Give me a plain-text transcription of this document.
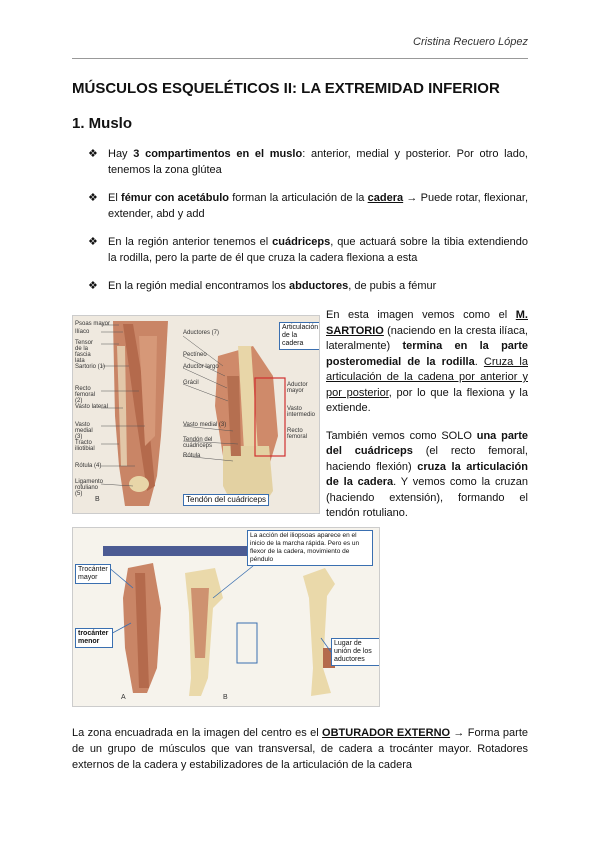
Cristina Recuero López
MÚSCULOS ESQUELÉTICOS II: LA EXTREMIDAD INFERIOR
1. Muslo
❖ Hay 3 compartimentos en el muslo: anterior, medial y posterior. Por otro lado, tenemos la zona glútea
❖ El fémur con acetábulo forman la articulación de la cadera → Puede rotar, flexionar, extender, abd y add
❖ En la región anterior tenemos el cuádriceps, que actuará sobre la tibia extendiendo la rodilla, pero la parte de él que cruza la cadera flexiona a esta
❖ En la región medial encontramos los abductores, de pubis a fémur
Psoas mayor
Ilíaco
Tensor de la fascia lata
Sartorio (1)
Recto femoral (2)
Vasto lateral
Vasto medial (3)
Tracto iliotibial
Rótula (4)
Ligamento rotuliano (5)
Aductores (7)
Pectíneo
Aductor largo
Grácil
Vasto medial (3)
Tendón del cuádriceps
Rótula
Aductor mayor
Vasto intermedio
Recto femoral
Articulación de la cadera
Tendón del cuádriceps
B

En esta imagen vemos como el M. SARTORIO (naciendo en la cresta ilíaca, lateralmente) termina en la parte posteromedial de la rodilla. Cruza la articulación de la cadena por anterior y por posterior, por lo que la flexiona y la extiende.

También vemos como SOLO una parte del cuádriceps (el recto femoral, haciendo flexión) cruza la articulación de la cadera. Y vemos como la cruzan (haciendo extensión), formando el tendón rotuliano.

La acción del iliopsoas aparece en el inicio de la marcha rápida. Pero es un flexor de la cadera, movimiento de péndulo
Trocánter mayor
trocánter menor	Lugar de unión de los aductores
A	B
La zona encuadrada en la imagen del centro es el OBTURADOR EXTERNO → Forma parte de un grupo de músculos que van transversal, de cadera a trocánter mayor. Rotadores externos de la cadera y estabilizadores de la articulación de la cadera
